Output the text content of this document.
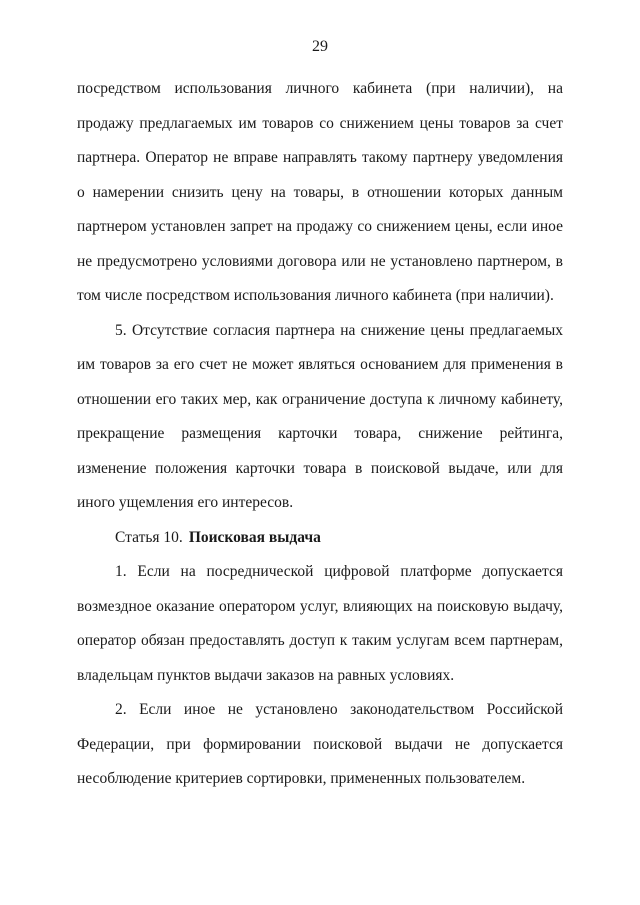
29

посредством использования личного кабинета (при наличии), на продажу предлагаемых им товаров со снижением цены товаров за счет партнера. Оператор не вправе направлять такому партнеру уведомления о намерении снизить цену на товары, в отношении которых данным партнером установлен запрет на продажу со снижением цены, если иное не предусмотрено условиями договора или не установлено партнером, в том числе посредством использования личного кабинета (при наличии).

5. Отсутствие согласия партнера на снижение цены предлагаемых им товаров за его счет не может являться основанием для применения в отношении его таких мер, как ограничение доступа к личному кабинету, прекращение размещения карточки товара, снижение рейтинга, изменение положения карточки товара в поисковой выдаче, или для иного ущемления его интересов.

Статья 10. Поисковая выдача

1. Если на посреднической цифровой платформе допускается возмездное оказание оператором услуг, влияющих на поисковую выдачу, оператор обязан предоставлять доступ к таким услугам всем партнерам, владельцам пунктов выдачи заказов на равных условиях.

2. Если иное не установлено законодательством Российской Федерации, при формировании поисковой выдачи не допускается несоблюдение критериев сортировки, примененных пользователем.
